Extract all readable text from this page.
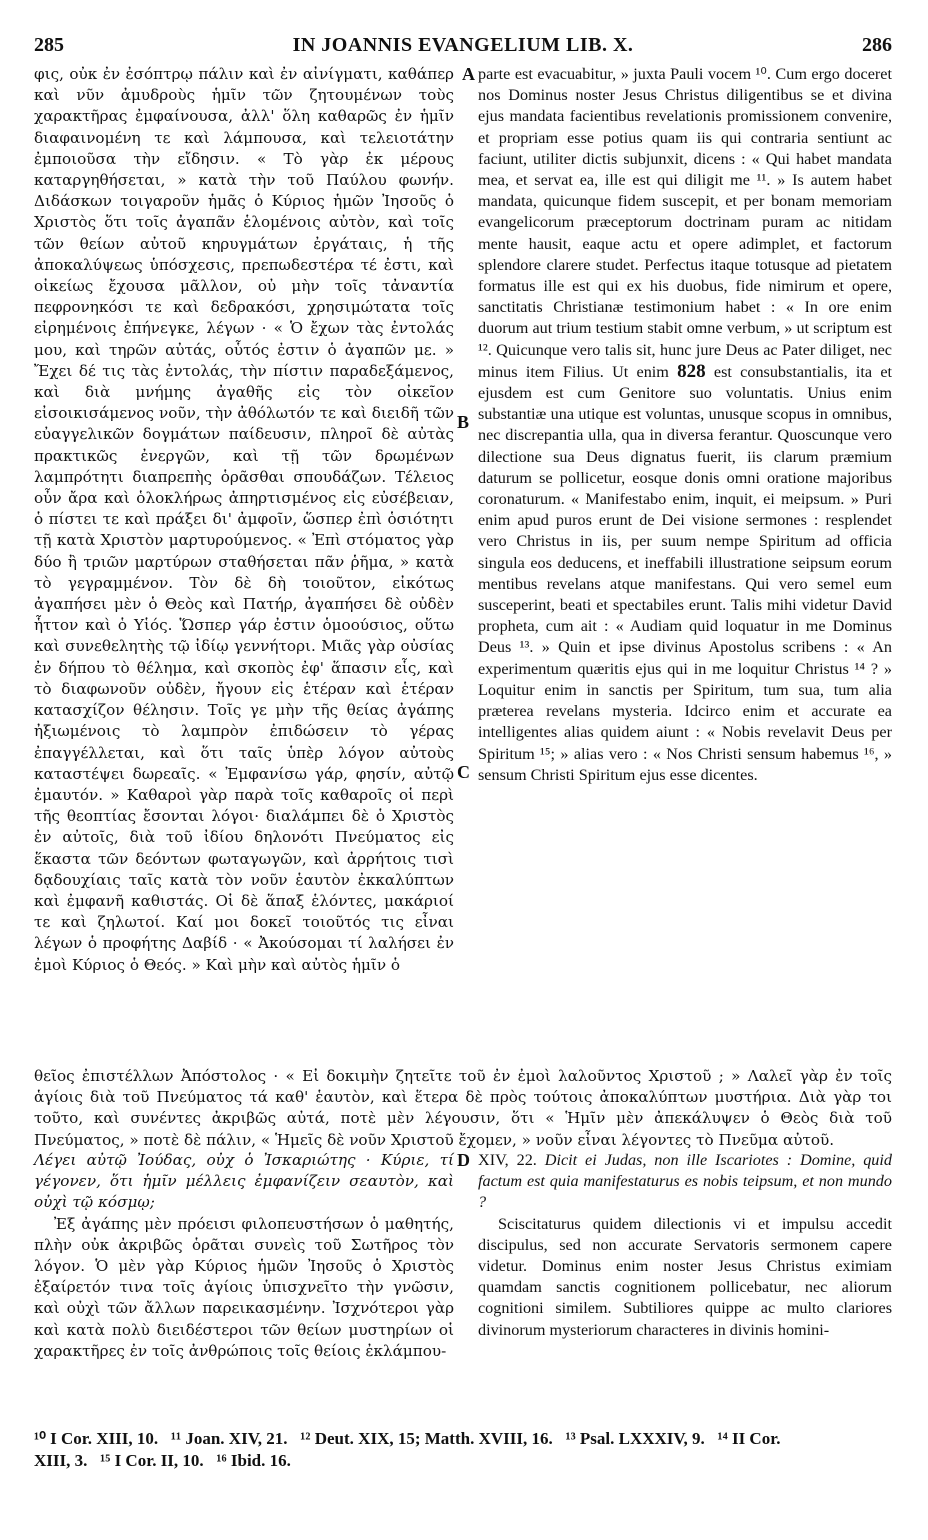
285	IN JOANNIS EVANGELIUM LIB. X.	286

φις, οὐκ ἐν ἐσόπτρῳ πάλιν καὶ ἐν αἰνίγματι, καθάπερ καὶ νῦν ἀμυδροὺς ἡμῖν τῶν ζητουμένων τοὺς χαρακτῆρας ἐμφαίνουσα, ἀλλ' ὅλη καθαρῶς ἐν ἡμῖν διαφαινομένη τε καὶ λάμπουσα, καὶ τελειοτάτην ἐμποιοῦσα τὴν εἴδησιν. « Τὸ γὰρ ἐκ μέρους καταργηθήσεται, » κατὰ τὴν τοῦ Παύλου φωνήν. Διδάσκων τοιγαροῦν ἡμᾶς ὁ Κύριος ἡμῶν Ἰησοῦς ὁ Χριστὸς ὅτι τοῖς ἀγαπᾶν ἑλομένοις αὐτὸν, καὶ τοῖς τῶν θείων αὐτοῦ κηρυγμάτων ἐργάταις, ἡ τῆς ἀποκαλύψεως ὑπόσχεσις, πρεπωδεστέρα τέ ἐστι, καὶ οἰκείως ἔχουσα μᾶλλον, οὐ μὴν τοῖς τἀναντία πεφρονηκόσι τε καὶ δεδρακόσι, χρησιμώτατα τοῖς εἰρημένοις ἐπήνεγκε, λέγων · « Ὁ ἔχων τὰς ἐντολάς μου, καὶ τηρῶν αὐτάς, οὗτός ἐστιν ὁ ἀγαπῶν με. » Ἔχει δέ τις τὰς ἐντολάς, τὴν πίστιν παραδεξάμενος, καὶ διὰ μνήμης ἀγαθῆς εἰς τὸν οἰκεῖον εἰσοικισάμενος νοῦν, τὴν ἀθόλωτόν τε καὶ διειδῆ τῶν εὐαγγελικῶν δογμάτων παίδευσιν, πληροῖ δὲ αὐτὰς πρακτικῶς ἐνεργῶν, καὶ τῇ τῶν δρωμένων λαμπρότητι διαπρεπὴς ὁρᾶσθαι σπουδάζων. Τέλειος οὖν ἄρα καὶ ὁλοκλήρως ἀπηρτισμένος εἰς εὐσέβειαν, ὁ πίστει τε καὶ πράξει δι' ἀμφοῖν, ὥσπερ ἐπὶ ὁσιότητι τῇ κατὰ Χριστὸν μαρτυρούμενος. « Ἐπὶ στόματος γὰρ δύο ἢ τριῶν μαρτύρων σταθήσεται πᾶν ῥῆμα, » κατὰ τὸ γεγραμμένον. Τὸν δὲ δὴ τοιοῦτον, εἰκότως ἀγαπήσει μὲν ὁ Θεὸς καὶ Πατήρ, ἀγαπήσει δὲ οὐδὲν ἧττον καὶ ὁ Υἱός. Ὥσπερ γάρ ἐστιν ὁμοούσιος, οὕτω καὶ συνεθελητὴς τῷ ἰδίῳ γεννήτορι. Μιᾶς γὰρ οὐσίας ἐν δήπου τὸ θέλημα, καὶ σκοπὸς ἐφ' ἅπασιν εἷς, καὶ τὸ διαφωνοῦν οὐδὲν, ἤγουν εἰς ἑτέραν καὶ ἑτέραν κατασχίζον θέλησιν. Τοῖς γε μὴν τῆς θείας ἀγάπης ἠξιωμένοις τὸ λαμπρὸν ἐπιδώσειν τὸ γέρας ἐπαγγέλλεται, καὶ ὅτι ταῖς ὑπὲρ λόγον αὐτοὺς καταστέψει δωρεαῖς. « Ἐμφανίσω γάρ, φησίν, αὐτῷ ἐμαυτόν. » Καθαροὶ γὰρ παρὰ τοῖς καθαροῖς οἱ περὶ τῆς θεοπτίας ἔσονται λόγοι· διαλάμπει δὲ ὁ Χριστὸς ἐν αὐτοῖς, διὰ τοῦ ἰδίου δηλονότι Πνεύματος εἰς ἕκαστα τῶν δεόντων φωταγωγῶν, καὶ ἀρρήτοις τισὶ δᾳδουχίαις ταῖς κατὰ τὸν νοῦν ἑαυτὸν ἐκκαλύπτων καὶ ἐμφανῆ καθιστάς. Οἱ δὲ ἅπαξ ἑλόντες, μακάριοί τε καὶ ζηλωτοί. Καί μοι δοκεῖ τοιοῦτός τις εἶναι λέγων ὁ προφήτης Δαβίδ · « Ἀκούσομαι τί λαλήσει ἐν ἐμοὶ Κύριος ὁ Θεός. » Καὶ μὴν καὶ αὐτὸς ἡμῖν ὁ

parte est evacuabitur, » juxta Pauli vocem ¹⁰. Cum ergo doceret nos Dominus noster Jesus Christus diligentibus se et divina ejus mandata facientibus revelationis promissionem convenire, et propriam esse potius quam iis qui contraria sentiunt ac faciunt, utiliter dictis subjunxit, dicens : « Qui habet mandata mea, et servat ea, ille est qui diligit me ¹¹. » Is autem habet mandata, quicunque fidem suscepit, et per bonam memoriam evangelicorum præceptorum doctrinam puram ac nitidam mente hausit, eaque actu et opere adimplet, et factorum splendore clarere studet. Perfectus itaque totusque ad pietatem formatus ille est qui ex his duobus, fide nimirum et opere, sanctitatis Christianæ testimonium habet : « In ore enim duorum aut trium testium stabit omne verbum, » ut scriptum est ¹². Quicunque vero talis sit, hunc jure Deus ac Pater diliget, nec minus item Filius. Ut enim 828 est consubstantialis, ita et ejusdem est cum Genitore suo voluntatis. Unius enim substantiæ una utique est voluntas, unusque scopus in omnibus, nec discrepantia ulla, qua in diversa ferantur. Quoscunque vero dilectione sua Deus dignatus fuerit, iis clarum præmium daturum se pollicetur, eosque donis omni oratione majoribus coronaturum. « Manifestabo enim, inquit, ei meipsum. » Puri enim apud puros erunt de Dei visione sermones : resplendet vero Christus in iis, per suum nempe Spiritum ad officia singula eos deducens, et ineffabili illustratione seipsum eorum mentibus revelans atque manifestans. Qui vero semel eum susceperint, beati et spectabiles erunt. Talis mihi videtur David propheta, cum ait : « Audiam quid loquatur in me Dominus Deus ¹³. » Quin et ipse divinus Apostolus scribens : « An experimentum quæritis ejus qui in me loquitur Christus ¹⁴ ? » Loquitur enim in sanctis per Spiritum, tum sua, tum alia præterea revelans mysteria. Idcirco enim et accurate ea intelligentes alias quidem aiunt : « Nobis revelavit Deus per Spiritum ¹⁵; » alias vero : « Nos Christi sensum habemus ¹⁶, » sensum Christi Spiritum ejus esse dicentes.

A
B
C
D
θεῖος ἐπιστέλλων Ἀπόστολος · « Εἰ δοκιμὴν ζητεῖτε τοῦ ἐν ἐμοὶ λαλοῦντος Χριστοῦ ; » Λαλεῖ γὰρ ἐν τοῖς ἁγίοις διὰ τοῦ Πνεύματος τά καθ' ἑαυτὸν, καὶ ἕτερα δὲ πρὸς τούτοις ἀποκαλύπτων μυστήρια. Διὰ γὰρ τοι τοῦτο, καὶ συνέντες ἀκριβῶς αὐτά, ποτὲ μὲν λέγουσιν, ὅτι « Ἡμῖν μὲν ἀπεκάλυψεν ὁ Θεὸς διὰ τοῦ Πνεύματος, » ποτὲ δὲ πάλιν, « Ἡμεῖς δὲ νοῦν Χριστοῦ ἔχομεν, » νοῦν εἶναι λέγοντες τὸ Πνεῦμα αὐτοῦ.

Λέγει αὐτῷ Ἰούδας, οὐχ ὁ Ἰσκαριώτης · Κύριε, τί γέγονεν, ὅτι ἡμῖν μέλλεις ἐμφανίζειν σεαυτὸν, καὶ οὐχὶ τῷ κόσμῳ;

Ἐξ ἀγάπης μὲν πρόεισι φιλοπευστήσων ὁ μαθητής, πλὴν οὐκ ἀκριβῶς ὁρᾶται συνεὶς τοῦ Σωτῆρος τὸν λόγον. Ὁ μὲν γὰρ Κύριος ἡμῶν Ἰησοῦς ὁ Χριστὸς ἐξαίρετόν τινα τοῖς ἁγίοις ὑπισχνεῖτο τὴν γνῶσιν, καὶ οὐχὶ τῶν ἄλλων παρεικασμένην. Ἰσχνότεροι γὰρ καὶ κατὰ πολὺ διειδέστεροι τῶν θείων μυστηρίων οἱ χαρακτῆρες ἐν τοῖς ἀνθρώποις τοῖς θείοις ἐκλάμπου-

XIV, 22. Dicit ei Judas, non ille Iscariotes : Domine, quid factum est quia manifestaturus es nobis teipsum, et non mundo ?

Sciscitaturus quidem dilectionis vi et impulsu accedit discipulus, sed non accurate Servatoris sermonem capere videtur. Dominus enim noster Jesus Christus eximiam quamdam sanctis cognitionem pollicebatur, nec aliorum cognitioni similem. Subtiliores quippe ac multo clariores divinorum mysteriorum characteres in divinis homini-

¹⁰ I Cor. XIII, 10.   ¹¹ Joan. XIV, 21.   ¹² Deut. XIX, 15; Matth. XVIII, 16.   ¹³ Psal. LXXXIV, 9.   ¹⁴ II Cor.
XIII, 3.   ¹⁵ I Cor. II, 10.   ¹⁶ Ibid. 16.
